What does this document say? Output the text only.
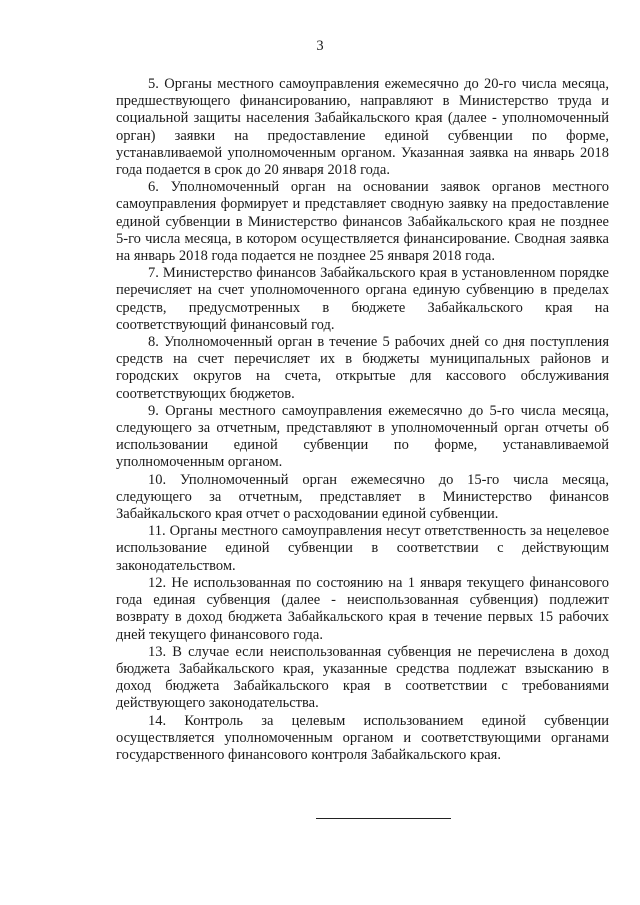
3

5. Органы местного самоуправления ежемесячно до 20-го числа месяца, предшествующего финансированию, направляют в Министерство труда и социальной защиты населения Забайкальского края (далее - уполномоченный орган) заявки на предоставление единой субвенции по форме, устанавливаемой уполномоченным органом. Указанная заявка на январь 2018 года подается в срок до 20 января 2018 года.

6. Уполномоченный орган на основании заявок органов местного самоуправления формирует и представляет сводную заявку на предоставление единой субвенции в Министерство финансов Забайкальского края не позднее 5-го числа месяца, в котором осуществляется финансирование. Сводная заявка на январь 2018 года подается не позднее 25 января 2018 года.

7. Министерство финансов Забайкальского края в установленном порядке перечисляет на счет уполномоченного органа единую субвенцию в пределах средств, предусмотренных в бюджете Забайкальского края на соответствующий финансовый год.

8. Уполномоченный орган в течение 5 рабочих дней со дня поступления средств на счет перечисляет их в бюджеты муниципальных районов и городских округов на счета, открытые для кассового обслуживания соответствующих бюджетов.

9. Органы местного самоуправления ежемесячно до 5-го числа месяца, следующего за отчетным, представляют в уполномоченный орган отчеты об использовании единой субвенции по форме, устанавливаемой уполномоченным органом.

10. Уполномоченный орган ежемесячно до 15-го числа месяца, следующего за отчетным, представляет в Министерство финансов Забайкальского края отчет о расходовании единой субвенции.

11. Органы местного самоуправления несут ответственность за нецелевое использование единой субвенции в соответствии с действующим законодательством.

12. Не использованная по состоянию на 1 января текущего финансового года единая субвенция (далее - неиспользованная субвенция) подлежит возврату в доход бюджета Забайкальского края в течение первых 15 рабочих дней текущего финансового года.

13. В случае если неиспользованная субвенция не перечислена в доход бюджета Забайкальского края, указанные средства подлежат взысканию в доход бюджета Забайкальского края в соответствии с требованиями действующего законодательства.

14. Контроль за целевым использованием единой субвенции осуществляется уполномоченным органом и соответствующими органами государственного финансового контроля Забайкальского края.
